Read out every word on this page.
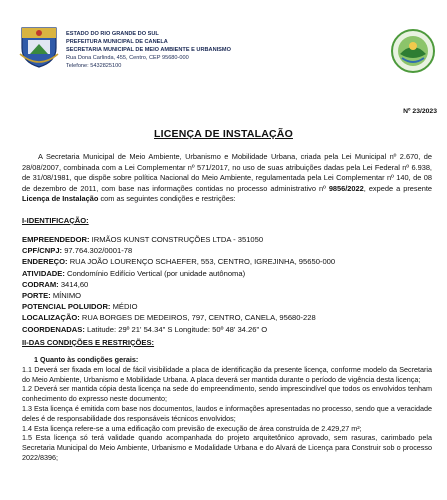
ESTADO DO RIO GRANDE DO SUL
PREFEITURA MUNICIPAL DE CANELA
SECRETARIA MUNICIPAL DE MEIO AMBIENTE E URBANISMO
Rua Dona Carlinda, 455, Centro, CEP 95680-000
Telefone: 5432825100
Nº 23/2023
LICENÇA DE INSTALAÇÃO
A Secretaria Municipal de Meio Ambiente, Urbanismo e Mobilidade Urbana, criada pela Lei Municipal nº 2.670, de 28/08/2007, combinada com a Lei Complementar nº 571/2017, no uso de suas atribuições dadas pela Lei Federal nº 6.938, de 31/08/1981, que dispõe sobre política Nacional do Meio Ambiente, regulamentada pela Lei Complementar nº 140, de 08 de dezembro de 2011, com base nas informações contidas no processo administrativo nº 9856/2022, expede a presente Licença de Instalação com as seguintes condições e restrições:
I-IDENTIFICAÇÃO:
EMPREENDEDOR: IRMÃOS KUNST CONSTRUÇÕES LTDA - 351050
CPF/CNPJ: 97.764.302/0001-78
ENDEREÇO: RUA JOÃO LOURENÇO SCHAEFER, 553, CENTRO, IGREJINHA, 95650-000
ATIVIDADE: Condomínio Edifício Vertical (por unidade autônoma)
CODRAM: 3414,60
PORTE: MÍNIMO
POTENCIAL POLUIDOR: MÉDIO
LOCALIZAÇÃO: RUA BORGES DE MEDEIROS, 797, CENTRO, CANELA, 95680-228
COORDENADAS: Latitude: 29º 21' 54.34" S Longitude: 50º 48' 34.26" O
II-DAS CONDIÇÕES E RESTRIÇÕES:
1 Quanto às condições gerais:
1.1 Deverá ser fixada em local de fácil visibilidade a placa de identificação da presente licença, conforme modelo da Secretaria do Meio Ambiente, Urbanismo e Mobilidade Urbana. A placa deverá ser mantida durante o período de vigência desta licença;
1.2 Deverá ser mantida cópia desta licença na sede do empreendimento, sendo imprescindível que todos os envolvidos tenham conhecimento do expresso neste documento;
1.3 Esta licença é emitida com base nos documentos, laudos e informações apresentadas no processo, sendo que a veracidade deles é de responsabilidade dos responsáveis técnicos envolvidos;
1.4 Esta licença refere-se a uma edificação com previsão de execução de área construída de 2.429,27 m²;
1.5 Esta licença só terá validade quando acompanhada do projeto arquitetônico aprovado, sem rasuras, carimbado pela Secretaria Municipal do Meio Ambiente, Urbanismo e Modalidade Urbana e do Alvará de Licença para Construir sob o processo 2022/8396;
